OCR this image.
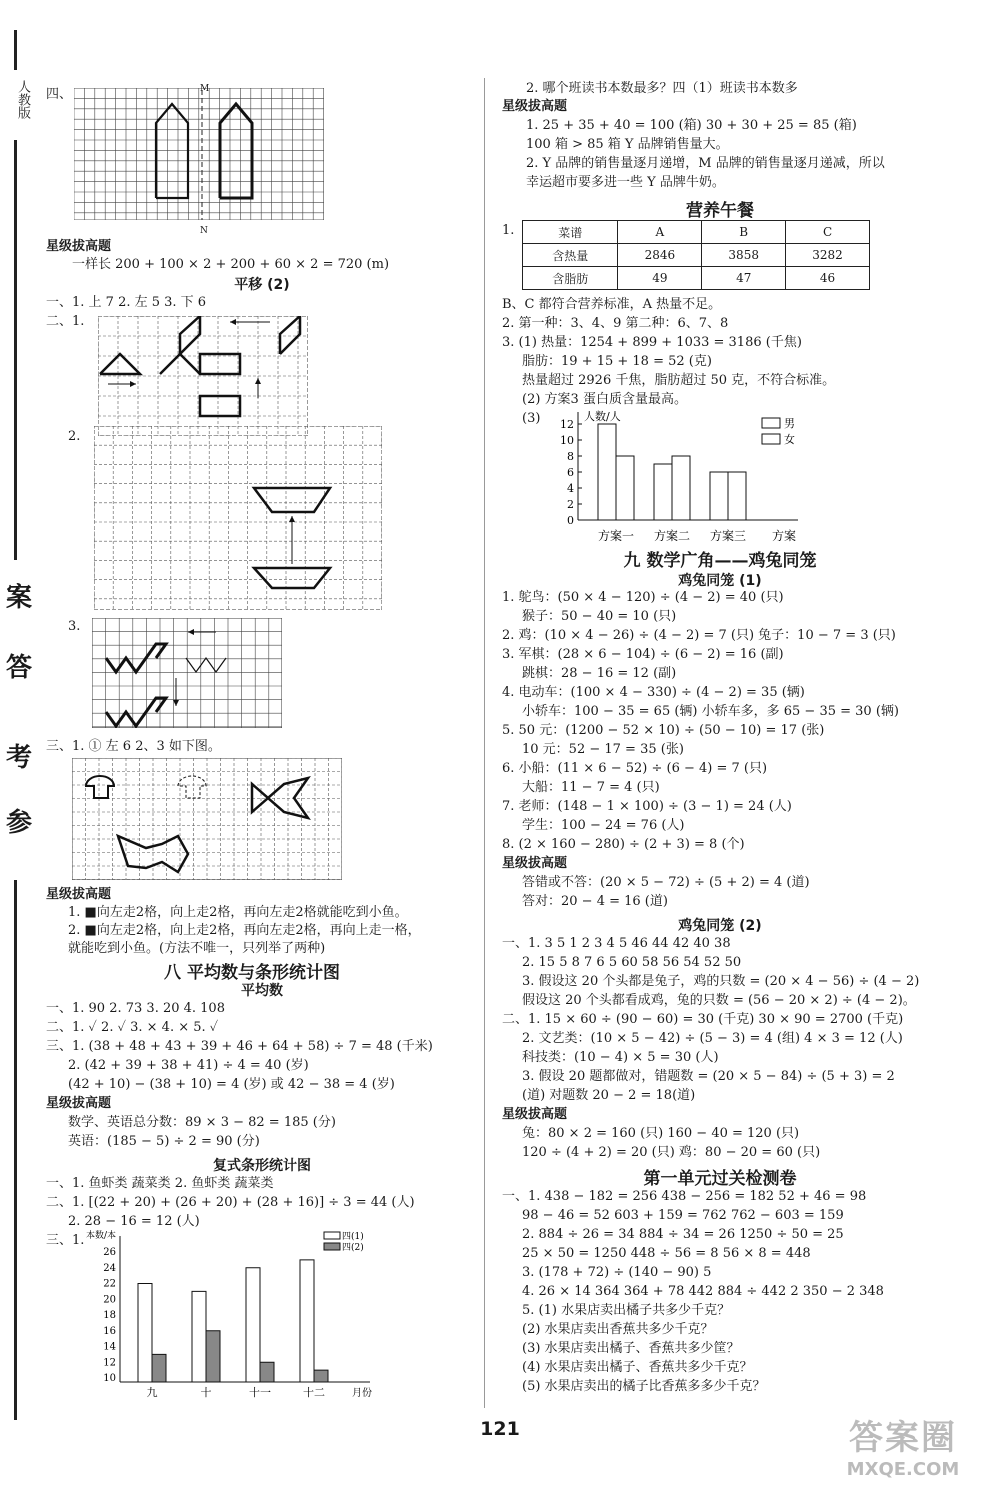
人教版
案
答
考
参
四、	M
N
星级拔高题
一样长 200 + 100 × 2 + 200 + 60 × 2 = 720 (m)
平移 (2)
一、1. 上 7 2. 左 5 3. 下 6
二、1.
2.
3.
三、1. ① 左 6 2、3 如下图。
星级拔高题
1. ■向左走2格，向上走2格，再向左走2格就能吃到小鱼。
2. ■向左走2格，向上走2格，再向左走2格，再向上走一格，
就能吃到小鱼。(方法不唯一，只列举了两种)
八 平均数与条形统计图
平均数
一、1. 90 2. 73 3. 20 4. 108
二、1. ✓ 2. ✓ 3. × 4. × 5. ✓
三、1. (38 + 48 + 43 + 39 + 46 + 64 + 58) ÷ 7 = 48 (千米)
2. (42 + 39 + 38 + 41) ÷ 4 = 40 (岁)
(42 + 10) − (38 + 10) = 4 (岁) 或 42 − 38 = 4 (岁)
星级拔高题
数学、英语总分数：89 × 3 − 82 = 185 (分)
英语：(185 − 5) ÷ 2 = 90 (分)
复式条形统计图
一、1. 鱼虾类 蔬菜类 2. 鱼虾类 蔬菜类
二、1. [(22 + 20) + (26 + 20) + (28 + 16)] ÷ 3 = 44 (人)
2. 28 − 16 = 12 (人)
三、1. 本数/本
26
24
22
20
18
16
14
12
10
九	十	十一	十二	月份
四(1)
四(2)
2. 哪个班读书本数最多？四（1）班读书本数多
星级拔高题
1. 25 + 35 + 40 = 100 (箱) 30 + 30 + 25 = 85 (箱)
100 箱 > 85 箱 Y 品牌销售量大。
2. Y 品牌的销售量逐月递增，M 品牌的销售量逐月递减，所以
幸运超市要多进一些 Y 品牌牛奶。
营养午餐
1.	菜谱	A	B	C
含热量	2846	3858	3282
含脂肪	49	47	46
B、C 都符合营养标准，A 热量不足。
2. 第一种：3、4、9 第二种：6、7、8
3. (1) 热量：1254 + 899 + 1033 = 3186 (千焦)
脂肪：19 + 15 + 18 = 52 (克)
热量超过 2926 千焦，脂肪超过 50 克，不符合标准。
(2) 方案3 蛋白质含量最高。
(3)	人数/人
12
10
8
6
4
2
0
方案一 方案二 方案三 方案
男
女
九 数学广角——鸡兔同笼
鸡兔同笼 (1)
1. 鸵鸟：(50 × 4 − 120) ÷ (4 − 2) = 40 (只)
猴子：50 − 40 = 10 (只)
2. 鸡：(10 × 4 − 26) ÷ (4 − 2) = 7 (只) 兔子：10 − 7 = 3 (只)
3. 军棋：(28 × 6 − 104) ÷ (6 − 2) = 16 (副)
跳棋：28 − 16 = 12 (副)
4. 电动车：(100 × 4 − 330) ÷ (4 − 2) = 35 (辆)
小轿车：100 − 35 = 65 (辆) 小轿车多，多 65 − 35 = 30 (辆)
5. 50 元：(1200 − 52 × 10) ÷ (50 − 10) = 17 (张)
10 元：52 − 17 = 35 (张)
6. 小船：(11 × 6 − 52) ÷ (6 − 4) = 7 (只)
大船：11 − 7 = 4 (只)
7. 老师：(148 − 1 × 100) ÷ (3 − 1) = 24 (人)
学生：100 − 24 = 76 (人)
8. (2 × 160 − 280) ÷ (2 + 3) = 8 (个)
星级拔高题
答错或不答：(20 × 5 − 72) ÷ (5 + 2) = 4 (道)
答对：20 − 4 = 16 (道)
鸡兔同笼 (2)
一、1. 3 5 1 2 3 4 5 46 44 42 40 38
2. 15 5 8 7 6 5 60 58 56 54 52 50
3. 假设这 20 个头都是兔子，鸡的只数 = (20 × 4 − 56) ÷ (4 − 2)
假设这 20 个头都看成鸡，兔的只数 = (56 − 20 × 2) ÷ (4 − 2)。
二、1. 15 × 60 ÷ (90 − 60) = 30 (千克) 30 × 90 = 2700 (千克)
2. 文艺类：(10 × 5 − 42) ÷ (5 − 3) = 4 (组) 4 × 3 = 12 (人)
科技类：(10 − 4) × 5 = 30 (人)
3. 假设 20 题都做对，错题数 = (20 × 5 − 84) ÷ (5 + 3) = 2
(道) 对题数 20 − 2 = 18(道)
星级拔高题
兔：80 × 2 = 160 (只) 160 − 40 = 120 (只)
120 ÷ (4 + 2) = 20 (只) 鸡：80 − 20 = 60 (只)
第一单元过关检测卷
一、1. 438 − 182 = 256 438 − 256 = 182 52 + 46 = 98
98 − 46 = 52 603 + 159 = 762 762 − 603 = 159
2. 884 ÷ 26 = 34 884 ÷ 34 = 26 1250 ÷ 50 = 25
25 × 50 = 1250 448 ÷ 56 = 8 56 × 8 = 448
3. (178 + 72) ÷ (140 − 90) 5
4. 26 × 14 364 364 + 78 442 884 ÷ 442 2 350 − 2 348
5. (1) 水果店卖出橘子共多少千克？
(2) 水果店卖出香蕉共多少千克？
(3) 水果店卖出橘子、香蕉共多少筐？
(4) 水果店卖出橘子、香蕉共多少千克？
(5) 水果店卖出的橘子比香蕉多多少千克？
121	答案圈
MXQE.COM
